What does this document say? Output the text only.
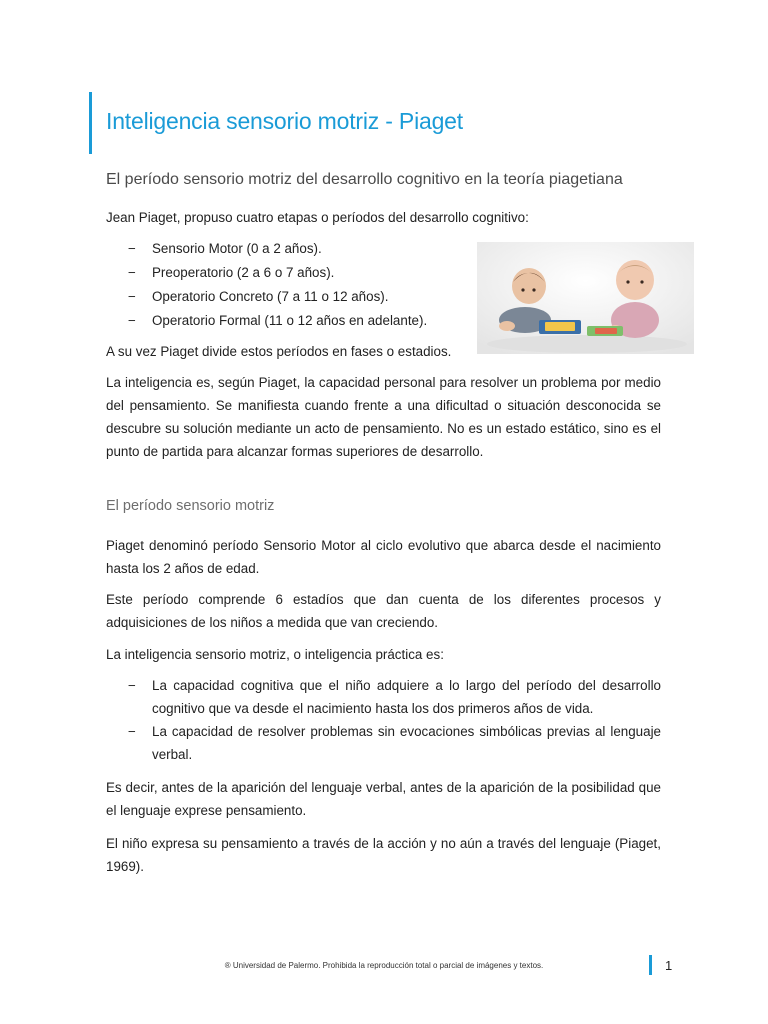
Inteligencia sensorio motriz - Piaget
El período sensorio motriz del desarrollo cognitivo en la teoría piagetiana
Jean Piaget, propuso cuatro etapas o períodos del desarrollo cognitivo:
− Sensorio Motor (0 a 2 años).
− Preoperatorio (2 a 6 o 7 años).
− Operatorio Concreto (7 a 11 o 12 años).
− Operatorio Formal (11 o 12 años en adelante).
A su vez Piaget divide estos períodos en fases o estadios.
La inteligencia es, según Piaget, la capacidad personal para resolver un problema por medio del pensamiento. Se manifiesta cuando frente a una dificultad o situación desconocida se descubre su solución mediante un acto de pensamiento. No es un estado estático, sino es el punto de partida para alcanzar formas superiores de desarrollo.
El período sensorio motriz
Piaget denominó período Sensorio Motor al ciclo evolutivo que abarca desde el nacimiento hasta los 2 años de edad.
Este período comprende 6 estadíos que dan cuenta de los diferentes procesos y adquisiciones de los niños a medida que van creciendo.
La inteligencia sensorio motriz, o inteligencia práctica es:
− La capacidad cognitiva que el niño adquiere a lo largo del período del desarrollo cognitivo que va desde el nacimiento hasta los dos primeros años de vida.
− La capacidad de resolver problemas sin evocaciones simbólicas previas al lenguaje verbal.
Es decir, antes de la aparición del lenguaje verbal, antes de la aparición de la posibilidad que el lenguaje exprese pensamiento.
El niño expresa su pensamiento a través de la acción y no aún a través del lenguaje (Piaget, 1969).
® Universidad de Palermo. Prohibida la reproducción total o parcial de imágenes y textos.	1
